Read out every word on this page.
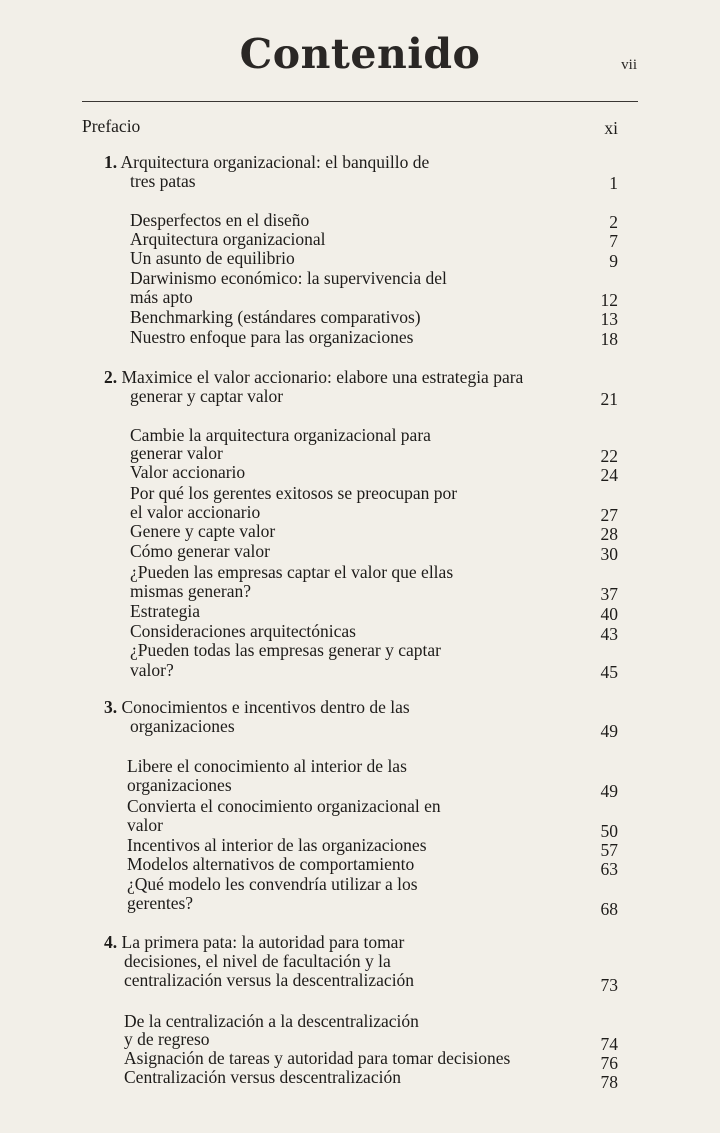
Contenido	vii
Prefacio	xi
1. Arquitectura organizacional: el banquillo de
tres patas	1
Desperfectos en el diseño	2
Arquitectura organizacional	7
Un asunto de equilibrio	9
Darwinismo económico: la supervivencia del
más apto	12
Benchmarking (estándares comparativos)	13
Nuestro enfoque para las organizaciones	18
2. Maximice el valor accionario: elabore una estrategia para
generar y captar valor	21
Cambie la arquitectura organizacional para
generar valor	22
Valor accionario	24
Por qué los gerentes exitosos se preocupan por
el valor accionario	27
Genere y capte valor	28
Cómo generar valor	30
¿Pueden las empresas captar el valor que ellas
mismas generan?	37
Estrategia	40
Consideraciones arquitectónicas	43
¿Pueden todas las empresas generar y captar
valor?	45
3. Conocimientos e incentivos dentro de las
organizaciones	49
Libere el conocimiento al interior de las
organizaciones	49
Convierta el conocimiento organizacional en
valor	50
Incentivos al interior de las organizaciones	57
Modelos alternativos de comportamiento	63
¿Qué modelo les convendría utilizar a los
gerentes?	68
4. La primera pata: la autoridad para tomar
decisiones, el nivel de facultación y la
centralización versus la descentralización	73
De la centralización a la descentralización
y de regreso	74
Asignación de tareas y autoridad para tomar decisiones	76
Centralización versus descentralización	78
